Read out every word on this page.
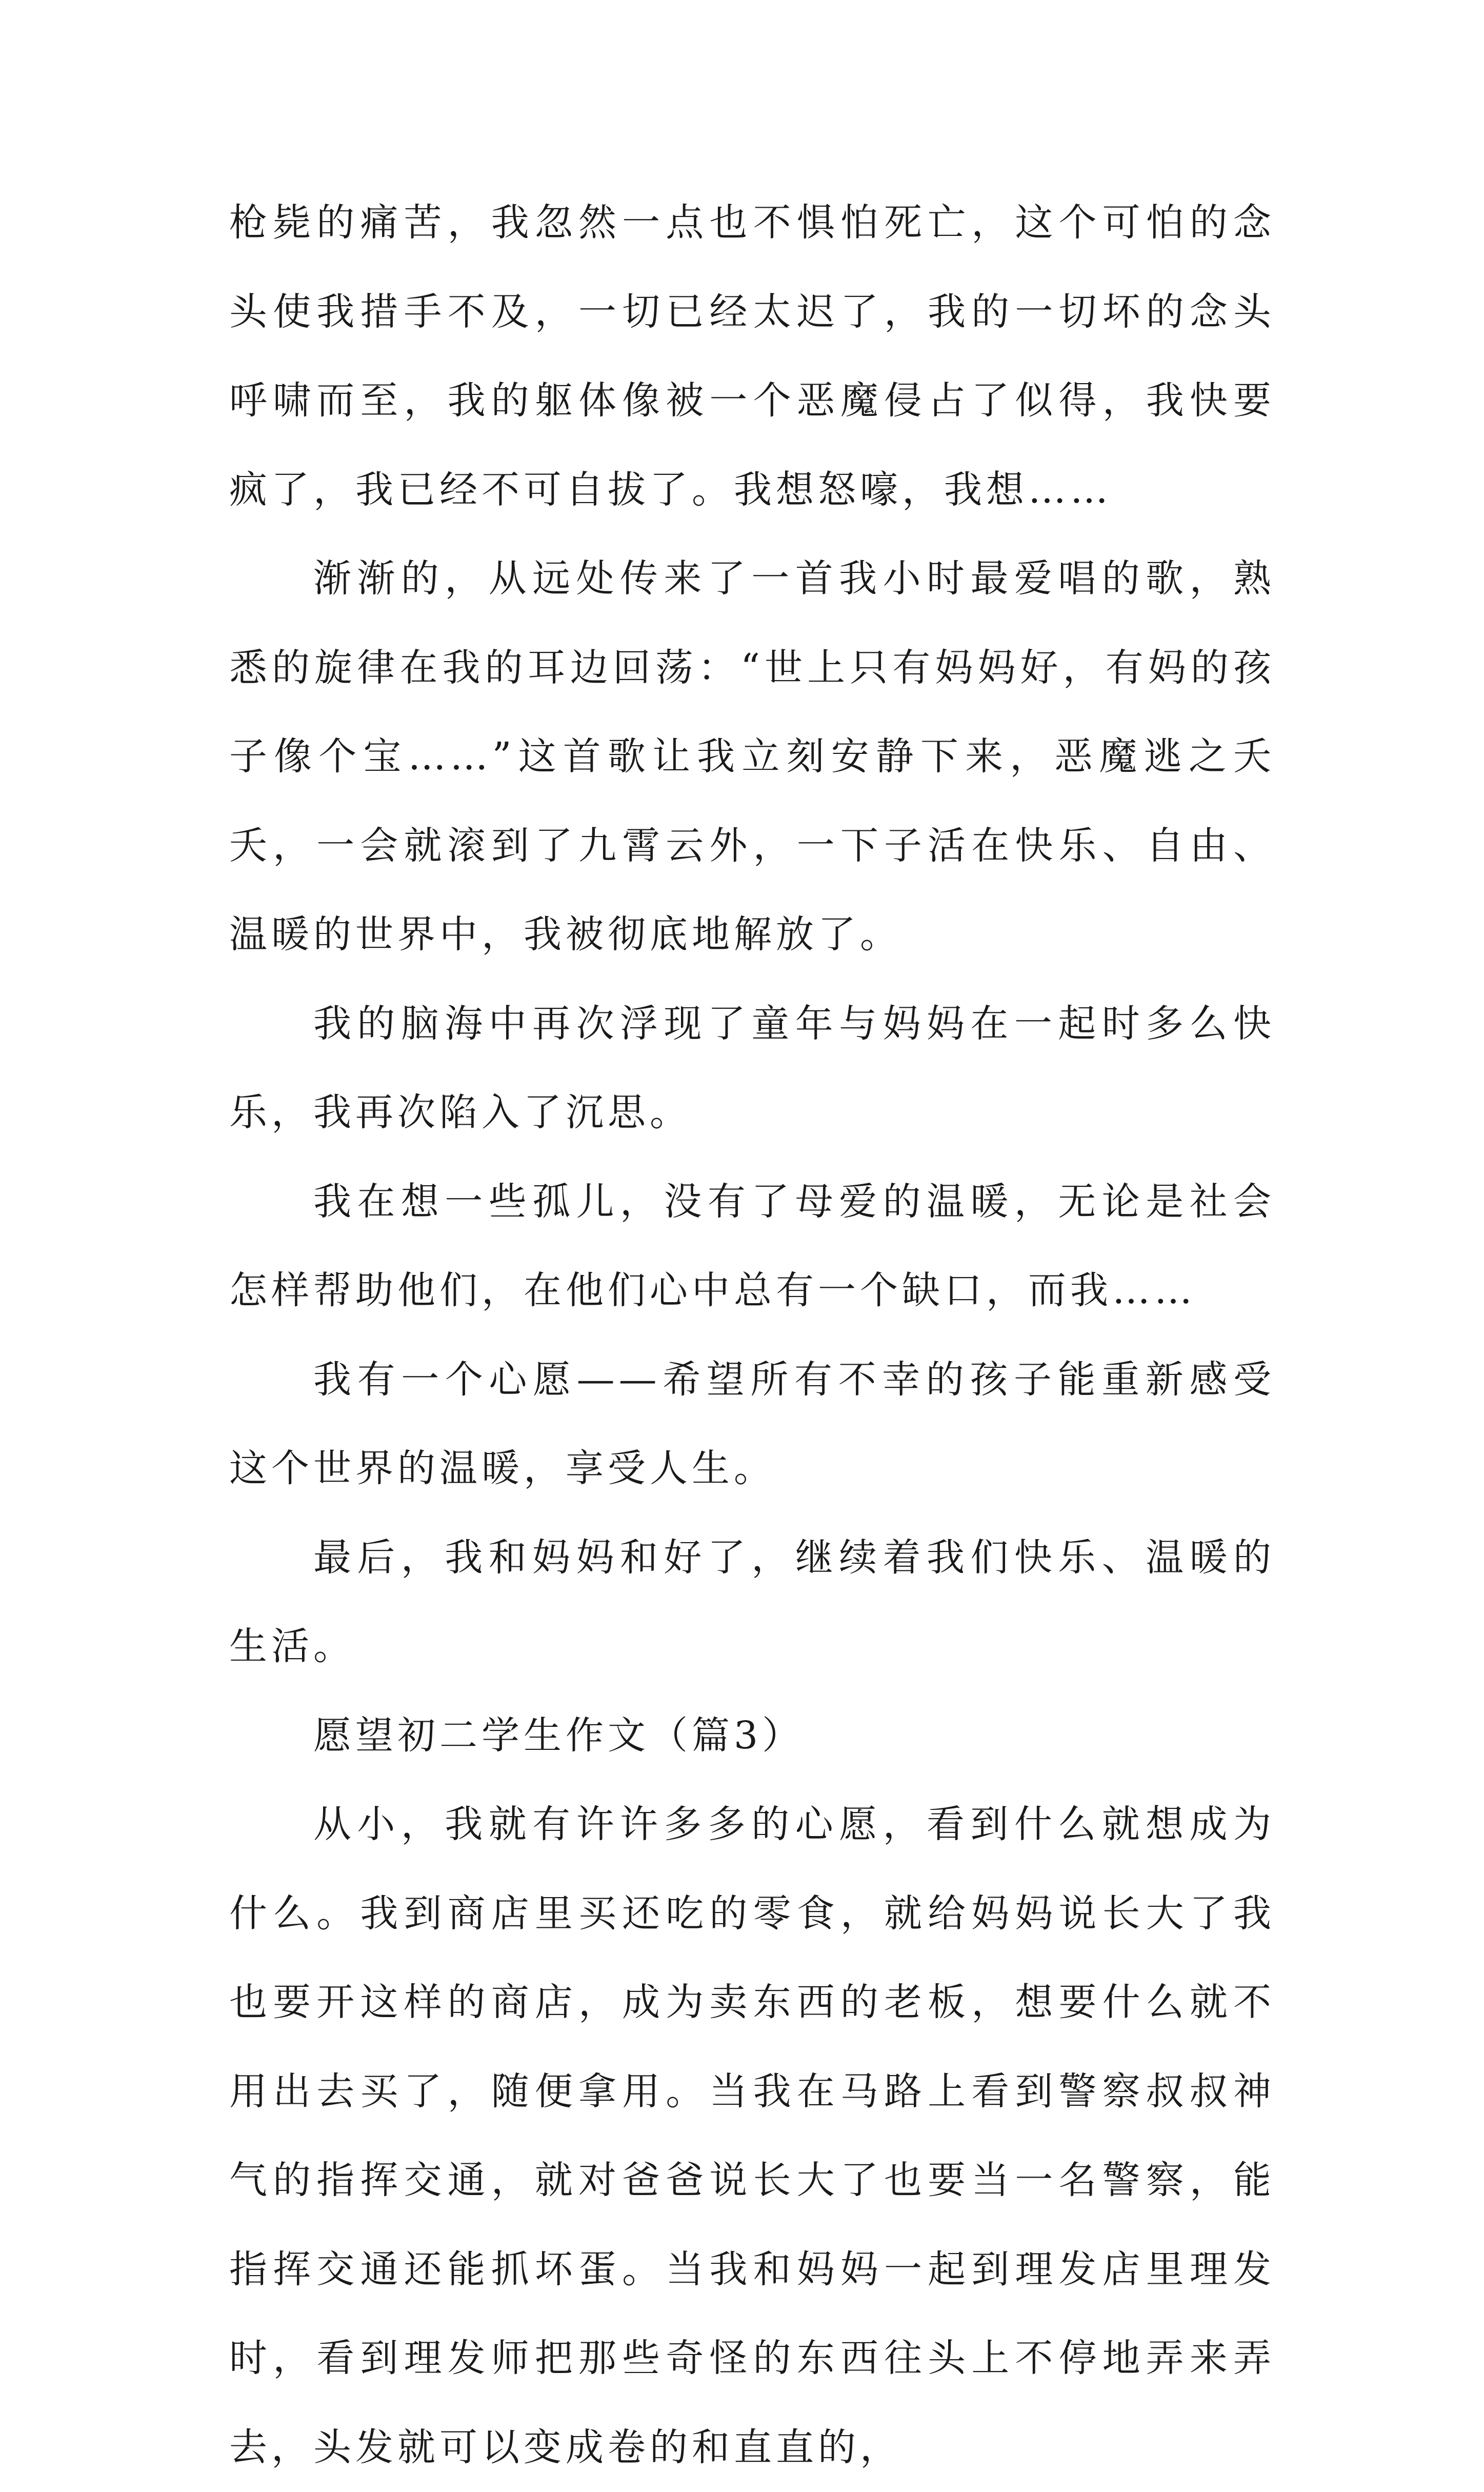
枪毙的痛苦，我忽然一点也不惧怕死亡，这个可怕的念头使我措手不及，一切已经太迟了，我的一切坏的念头呼啸而至，我的躯体像被一个恶魔侵占了似得，我快要疯了，我已经不可自拔了。我想怒嚎，我想……

渐渐的，从远处传来了一首我小时最爱唱的歌，熟悉的旋律在我的耳边回荡：“世上只有妈妈好，有妈的孩子像个宝……”这首歌让我立刻安静下来，恶魔逃之夭夭，一会就滚到了九霄云外，一下子活在快乐、自由、温暖的世界中，我被彻底地解放了。

我的脑海中再次浮现了童年与妈妈在一起时多么快乐，我再次陷入了沉思。

我在想一些孤儿，没有了母爱的温暖，无论是社会怎样帮助他们，在他们心中总有一个缺口，而我……

我有一个心愿——希望所有不幸的孩子能重新感受这个世界的温暖，享受人生。

最后，我和妈妈和好了，继续着我们快乐、温暖的生活。

愿望初二学生作文（篇3）

从小，我就有许许多多的心愿，看到什么就想成为什么。我到商店里买还吃的零食，就给妈妈说长大了我也要开这样的商店，成为卖东西的老板，想要什么就不用出去买了，随便拿用。当我在马路上看到警察叔叔神气的指挥交通，就对爸爸说长大了也要当一名警察，能指挥交通还能抓坏蛋。当我和妈妈一起到理发店里理发时，看到理发师把那些奇怪的东西往头上不停地弄来弄去，头发就可以变成卷的和直直的，
